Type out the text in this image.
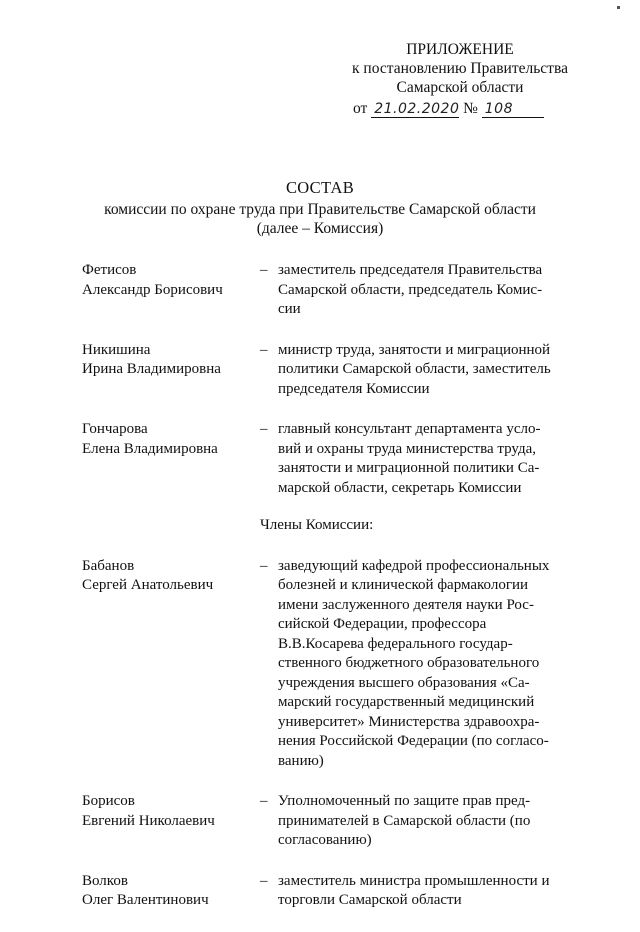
ПРИЛОЖЕНИЕ
к постановлению Правительства
Самарской области
от 21.02.2020 № 108
СОСТАВ
комиссии по охране труда при Правительстве Самарской области
(далее – Комиссия)
Фетисов
Александр Борисович
– заместитель председателя Правительства
Самарской области, председатель Комис-
сии
Никишина
Ирина Владимировна
– министр труда, занятости и миграционной
политики Самарской области, заместитель
председателя Комиссии
Гончарова
Елена Владимировна
– главный консультант департамента усло-
вий и охраны труда министерства труда,
занятости и миграционной политики Са-
марской области, секретарь Комиссии
Члены Комиссии:
Бабанов
Сергей Анатольевич
– заведующий кафедрой профессиональных
болезней и клинической фармакологии
имени заслуженного деятеля науки Рос-
сийской Федерации, профессора
В.В.Косарева федерального государ-
ственного бюджетного образовательного
учреждения высшего образования «Са-
марский государственный медицинский
университет» Министерства здравоохра-
нения Российской Федерации (по согласо-
ванию)
Борисов
Евгений Николаевич
– Уполномоченный по защите прав пред-
принимателей в Самарской области (по
согласованию)
Волков
Олег Валентинович
– заместитель министра промышленности и
торговли Самарской области
